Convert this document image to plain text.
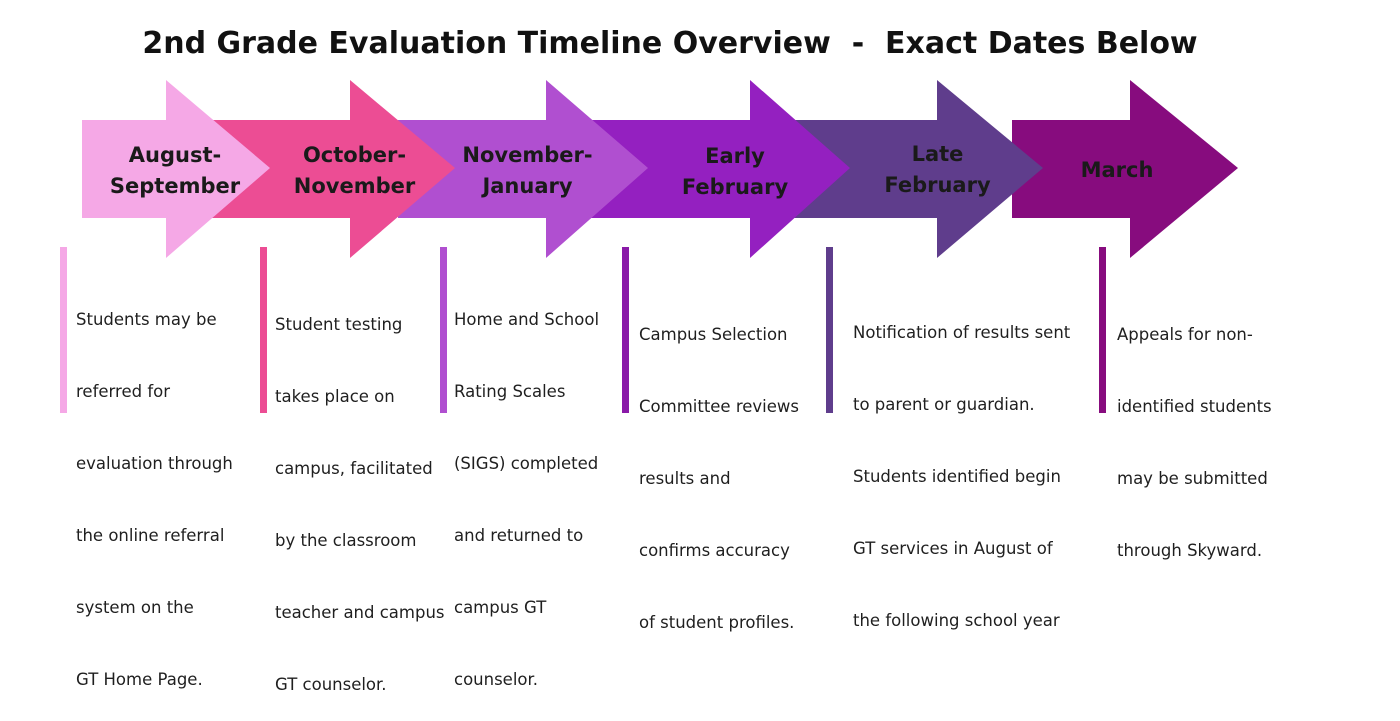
2nd Grade Evaluation Timeline Overview  -  Exact Dates Below
August-
September
October-
November
November-
January
Early
February
Late
February
March

Students may be

referred for

evaluation through

the online referral

system on the

GT Home Page.

Student testing

takes place on

campus, facilitated

by the classroom

teacher and campus

GT counselor.

Home and School

Rating Scales

(SIGS) completed

and returned to

campus GT

counselor.

Campus Selection

Committee reviews

results and

confirms accuracy

of student profiles.

Notification of results sent

to parent or guardian.

Students identified begin

GT services in August of

the following school year

Appeals for non-

identified students

may be submitted

through Skyward.
